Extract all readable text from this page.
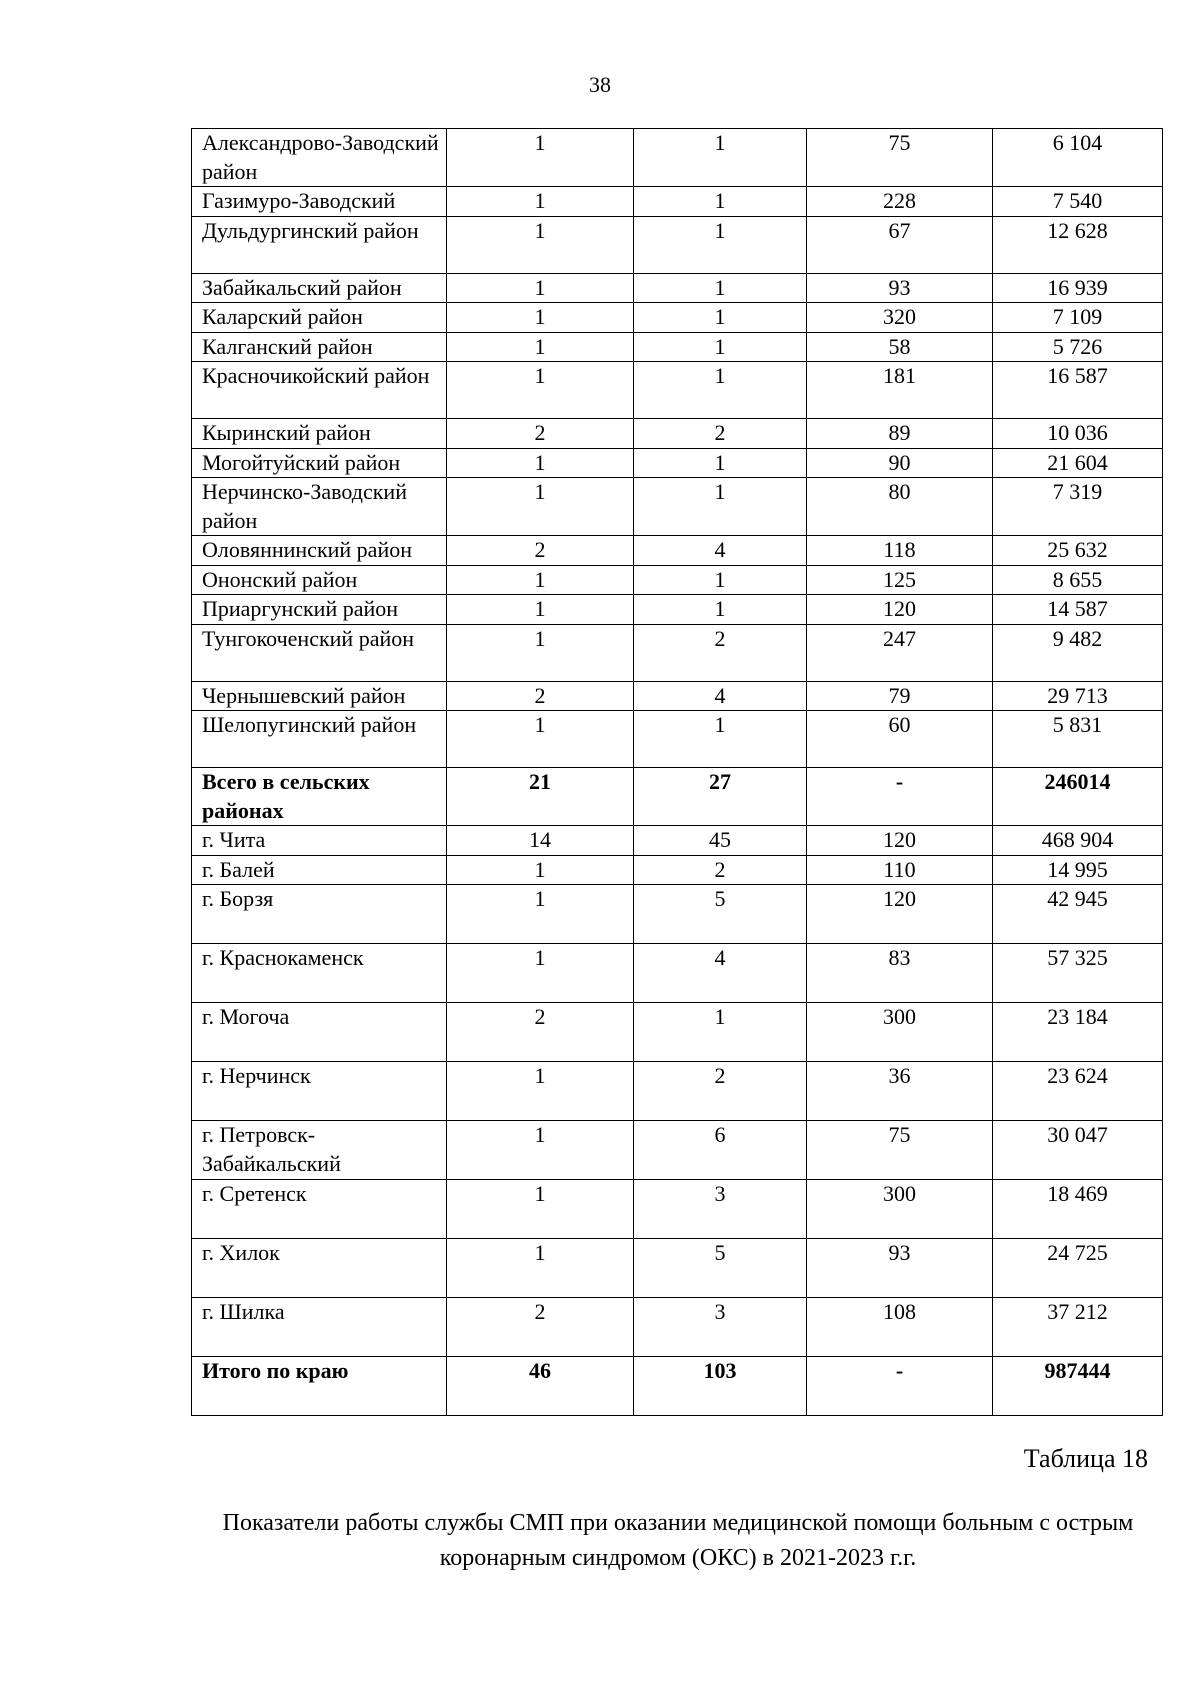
38
Александрово-Заводский район	1	1	75	6 104
Газимуро-Заводский	1	1	228	7 540
Дульдургинский район	1	1	67	12 628
Забайкальский район	1	1	93	16 939
Каларский район	1	1	320	7 109
Калганский район	1	1	58	5 726
Красночикойский район	1	1	181	16 587
Кыринский район	2	2	89	10 036
Могойтуйский район	1	1	90	21 604
Нерчинско-Заводский район	1	1	80	7 319
Оловяннинский район	2	4	118	25 632
Ононский район	1	1	125	8 655
Приаргунский район	1	1	120	14 587
Тунгокоченский район	1	2	247	9 482
Чернышевский район	2	4	79	29 713
Шелопугинский район	1	1	60	5 831
Всего в сельских районах	21	27	-	246014
г. Чита	14	45	120	468 904
г. Балей	1	2	110	14 995
г. Борзя	1	5	120	42 945
г. Краснокаменск	1	4	83	57 325
г. Могоча	2	1	300	23 184
г. Нерчинск	1	2	36	23 624
г. Петровск-Забайкальский	1	6	75	30 047
г. Сретенск	1	3	300	18 469
г. Хилок	1	5	93	24 725
г. Шилка	2	3	108	37 212
Итого по краю	46	103	-	987444
Таблица 18
Показатели работы службы СМП при оказании медицинской помощи больным с острым коронарным синдромом (ОКС) в 2021-2023 г.г.
